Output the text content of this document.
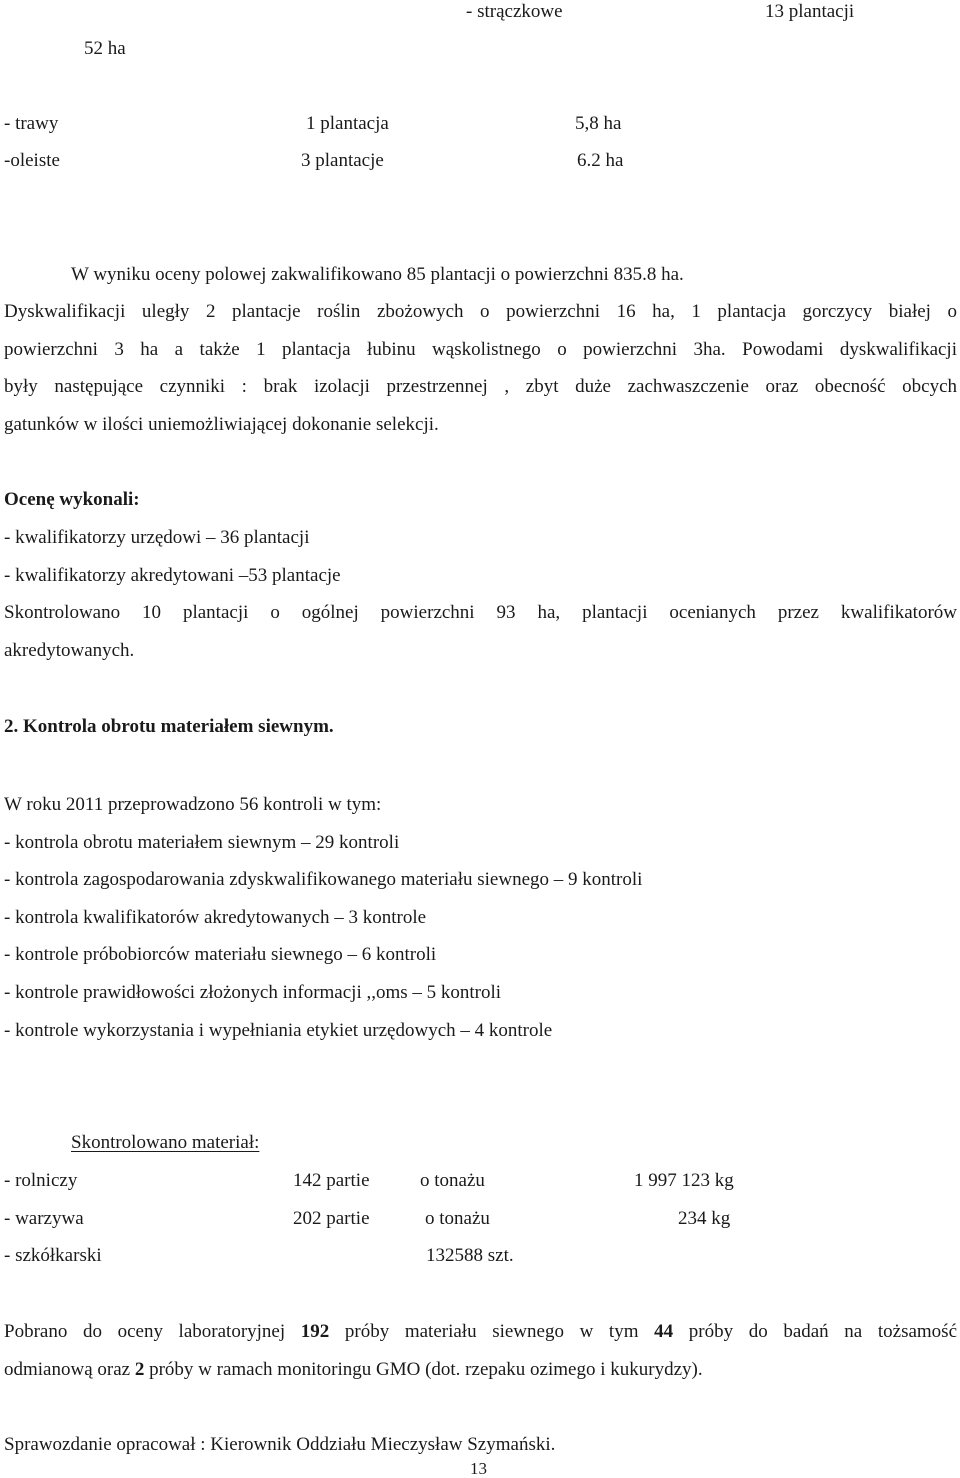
- strączkowe	13 plantacji
52 ha
- trawy	1 plantacja	5,8 ha
-oleiste	3 plantacje	6.2 ha
W wyniku oceny polowej zakwalifikowano 85 plantacji o powierzchni 835.8 ha.
Dyskwalifikacji uległy 2 plantacje roślin zbożowych o powierzchni 16 ha, 1 plantacja gorczycy białej o
powierzchni 3 ha a także 1 plantacja łubinu wąskolistnego o powierzchni 3ha. Powodami dyskwalifikacji
były następujące czynniki : brak izolacji przestrzennej , zbyt duże zachwaszczenie oraz obecność obcych
gatunków w ilości uniemożliwiającej dokonanie selekcji.
Ocenę wykonali:
- kwalifikatorzy urzędowi – 36 plantacji
- kwalifikatorzy akredytowani –53 plantacje
Skontrolowano 10 plantacji o ogólnej powierzchni 93 ha, plantacji ocenianych przez kwalifikatorów
akredytowanych.
2. Kontrola obrotu materiałem siewnym.
W roku 2011 przeprowadzono 56 kontroli w tym:
- kontrola obrotu materiałem siewnym – 29 kontroli
- kontrola zagospodarowania zdyskwalifikowanego materiału siewnego – 9 kontroli
- kontrola kwalifikatorów akredytowanych – 3 kontrole
- kontrole próbobiorców materiału siewnego – 6 kontroli
- kontrole prawidłowości złożonych informacji ,,oms – 5 kontroli
- kontrole wykorzystania i wypełniania etykiet urzędowych – 4 kontrole
Skontrolowano materiał:
- rolniczy	142 partie	o tonażu	1 997 123 kg
- warzywa	202 partie	o tonażu	234 kg
- szkółkarski	132588 szt.
Pobrano do oceny laboratoryjnej 192 próby materiału siewnego w tym 44 próby do badań na tożsamość
odmianową oraz 2 próby w ramach monitoringu GMO (dot. rzepaku ozimego i kukurydzy).
Sprawozdanie opracował : Kierownik Oddziału Mieczysław Szymański.
13
